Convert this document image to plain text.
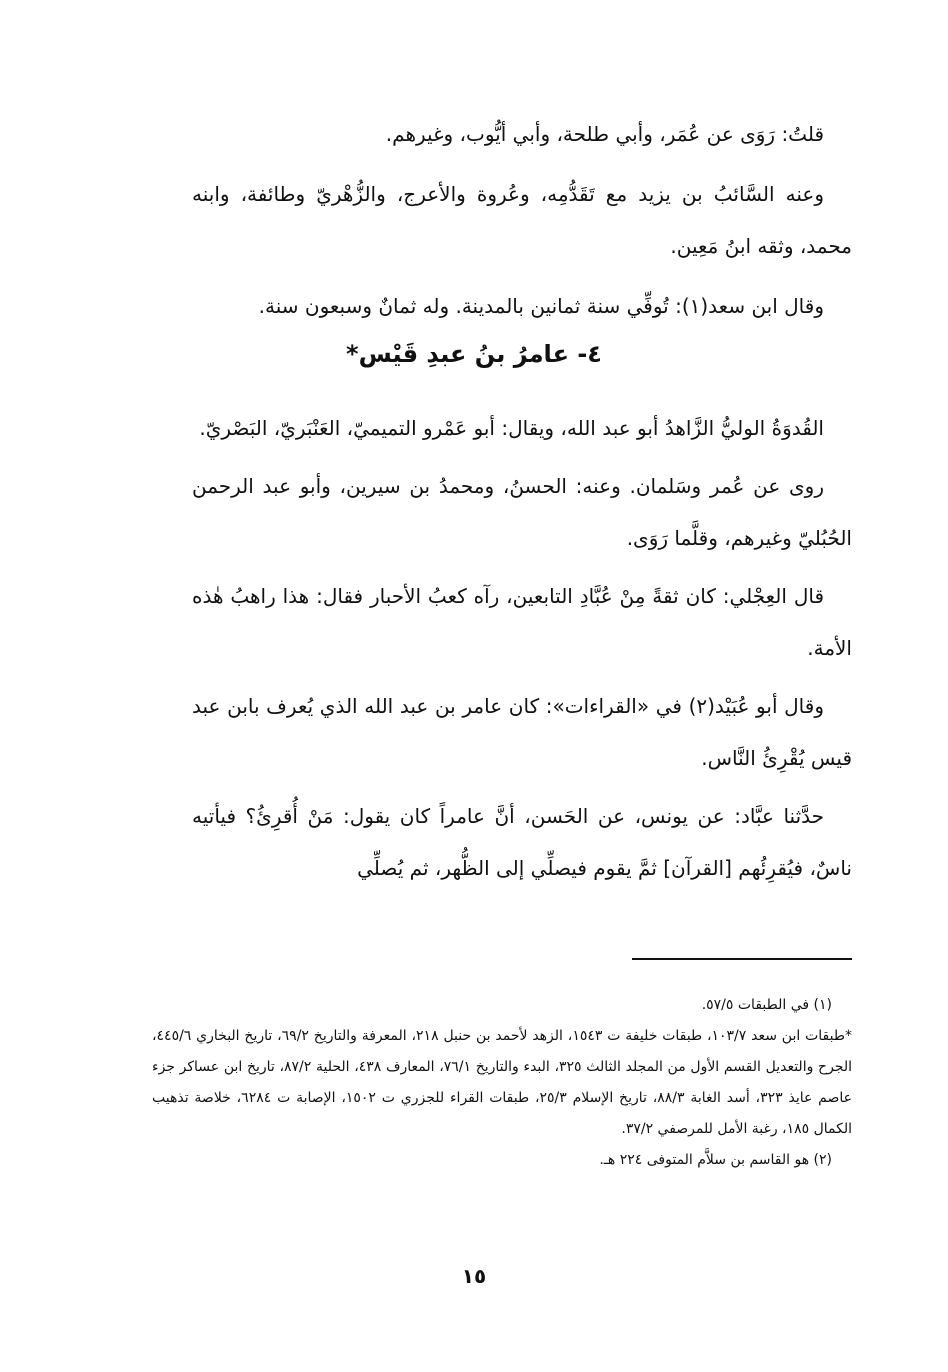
قلتُ: رَوَى عن عُمَر، وأبي طلحة، وأبي أيُّوب، وغيرهم.

وعنه السَّائبُ بن يزيد مع تَقَدُّمِه، وعُروة والأعرج، والزُّهْريّ وطائفة، وابنه محمد، وثقه ابنُ مَعِين.

وقال ابن سعد(١): تُوفِّي سنة ثمانين بالمدينة. وله ثمانٌ وسبعون سنة.

٤- عامرُ بنُ عبدِ قَيْس*

القُدوَةُ الوليُّ الزَّاهدُ أبو عبد الله، ويقال: أبو عَمْرو التميميّ، العَنْبَريّ، البَصْريّ.

روى عن عُمر وسَلمان. وعنه: الحسنُ، ومحمدُ بن سيرين، وأبو عبد الرحمن الحُبُليّ وغيرهم، وقلَّما رَوَى.

قال العِجْلي: كان ثقةً مِنْ عُبَّادِ التابعين، رآه كعبُ الأحبار فقال: هذا راهبُ هٰذه الأمة.

وقال أبو عُبَيْد(٢) في «القراءات»: كان عامر بن عبد الله الذي يُعرف بابن عبد قيس يُقْرِئُ النَّاس.

حدَّثنا عبَّاد: عن يونس، عن الحَسن، أنَّ عامراً كان يقول: مَنْ أُقرِئُ؟ فيأتيه ناسٌ، فيُقرِئُهم [القرآن] ثمَّ يقوم فيصلِّي إلى الظُّهر، ثم يُصلِّي

(١) في الطبقات ٥٧/٥.

*طبقات ابن سعد ١٠٣/٧، طبقات خليفة ت ١٥٤٣، الزهد لأحمد بن حنبل ٢١٨، المعرفة والتاريخ ٦٩/٢، تاريخ البخاري ٤٤٥/٦، الجرح والتعديل القسم الأول من المجلد الثالث ٣٢٥، البدء والتاريخ ٧٦/١، المعارف ٤٣٨، الحلية ٨٧/٢، تاريخ ابن عساكر جزء عاصم عايذ ٣٢٣، أسد الغابة ٨٨/٣، تاريخ الإسلام ٢٥/٣، طبقات القراء للجزري ت ١٥٠٢، الإصابة ت ٦٢٨٤، خلاصة تذهيب الكمال ١٨٥، رغبة الأمل للمرصفي ٣٧/٢.

(٢) هو القاسم بن سلاَّم المتوفى ٢٢٤ هـ.

١٥
